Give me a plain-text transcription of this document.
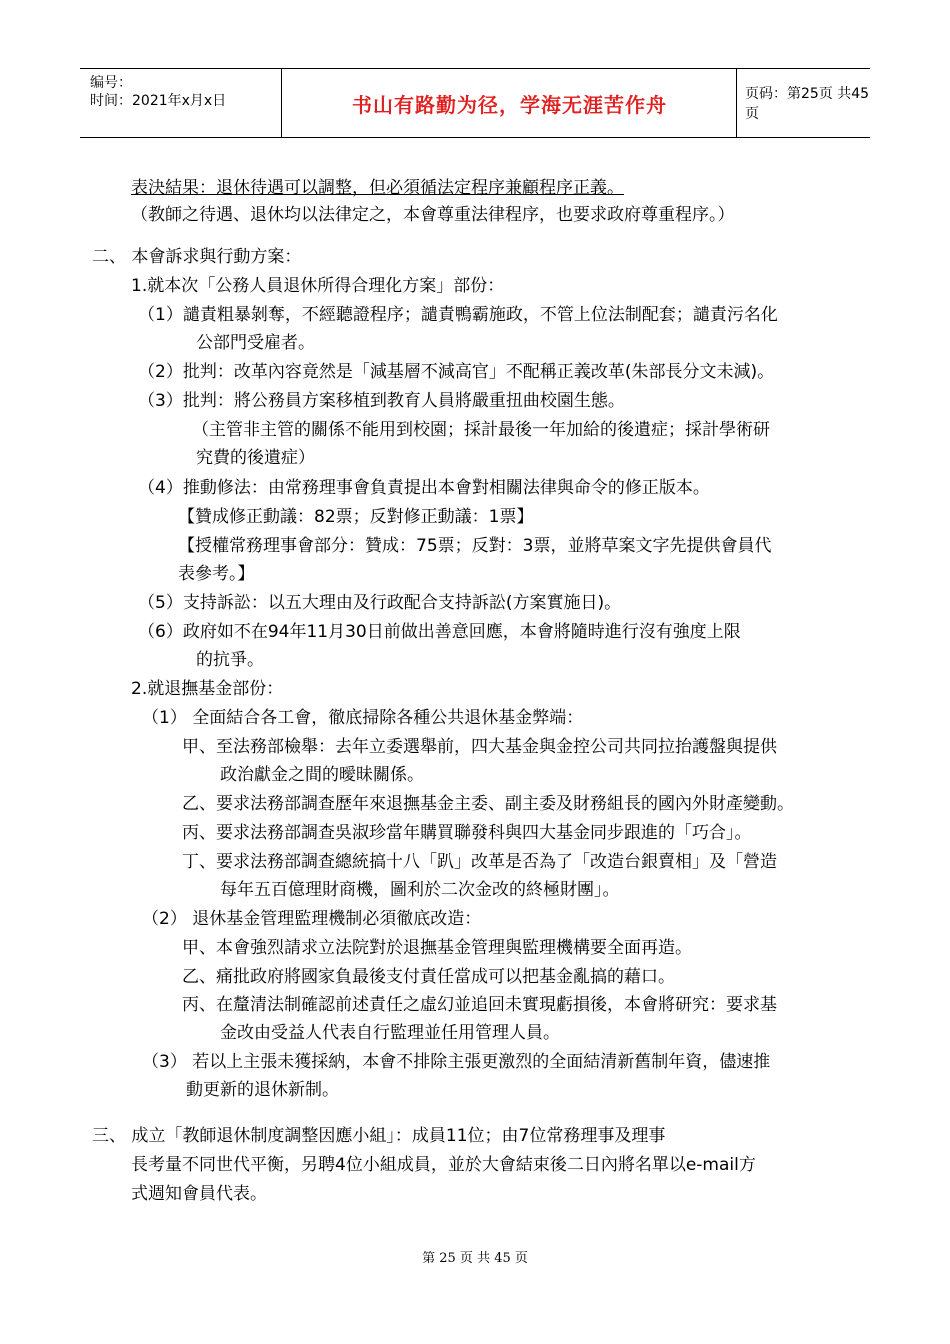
编号：
时间：2021年x月x日	书山有路勤为径，学海无涯苦作舟	页码：第25页 共45页
表決結果：退休待遇可以調整，但必須循法定程序兼顧程序正義。
（教師之待遇、退休均以法律定之，本會尊重法律程序，也要求政府尊重程序。）
二、 本會訴求與行動方案：
1.就本次「公務人員退休所得合理化方案」部份：
（1）譴責粗暴剝奪，不經聽證程序；譴責鴨霸施政，不管上位法制配套；譴責污名化
公部門受雇者。
（2）批判：改革內容竟然是「減基層不減高官」不配稱正義改革(朱部長分文未減)。
（3）批判：將公務員方案移植到教育人員將嚴重扭曲校園生態。
（主管非主管的關係不能用到校園；採計最後一年加給的後遺症；採計學術研
究費的後遺症）
（4）推動修法：由常務理事會負責提出本會對相關法律與命令的修正版本。
【贊成修正動議：82票；反對修正動議：1票】
【授權常務理事會部分：贊成：75票；反對：3票，並將草案文字先提供會員代
表參考。】
（5）支持訴訟：以五大理由及行政配合支持訴訟(方案實施日)。
（6）政府如不在94年11月30日前做出善意回應，本會將隨時進行沒有強度上限
的抗爭。
2.就退撫基金部份：
（1） 全面結合各工會，徹底掃除各種公共退休基金弊端：
甲、至法務部檢舉：去年立委選舉前，四大基金與金控公司共同拉抬護盤與提供
政治獻金之間的曖昧關係。
乙、要求法務部調查歷年來退撫基金主委、副主委及財務組長的國內外財產變動。
丙、要求法務部調查吳淑珍當年購買聯發科與四大基金同步跟進的「巧合」。
丁、要求法務部調查總統搞十八「趴」改革是否為了「改造台銀賣相」及「營造
每年五百億理財商機，圖利於二次金改的終極財團」。
（2） 退休基金管理監理機制必須徹底改造：
甲、本會強烈請求立法院對於退撫基金管理與監理機構要全面再造。
乙、痛批政府將國家負最後支付責任當成可以把基金亂搞的藉口。
丙、在釐清法制確認前述責任之虛幻並追回未實現虧損後，本會將研究：要求基
金改由受益人代表自行監理並任用管理人員。
（3） 若以上主張未獲採納，本會不排除主張更激烈的全面結清新舊制年資，儘速推
動更新的退休新制。
三、 成立「教師退休制度調整因應小組」：成員11位；由7位常務理事及理事
長考量不同世代平衡，另聘4位小組成員，並於大會結束後二日內將名單以e-mail方
式週知會員代表。
第 25 页 共 45 页
